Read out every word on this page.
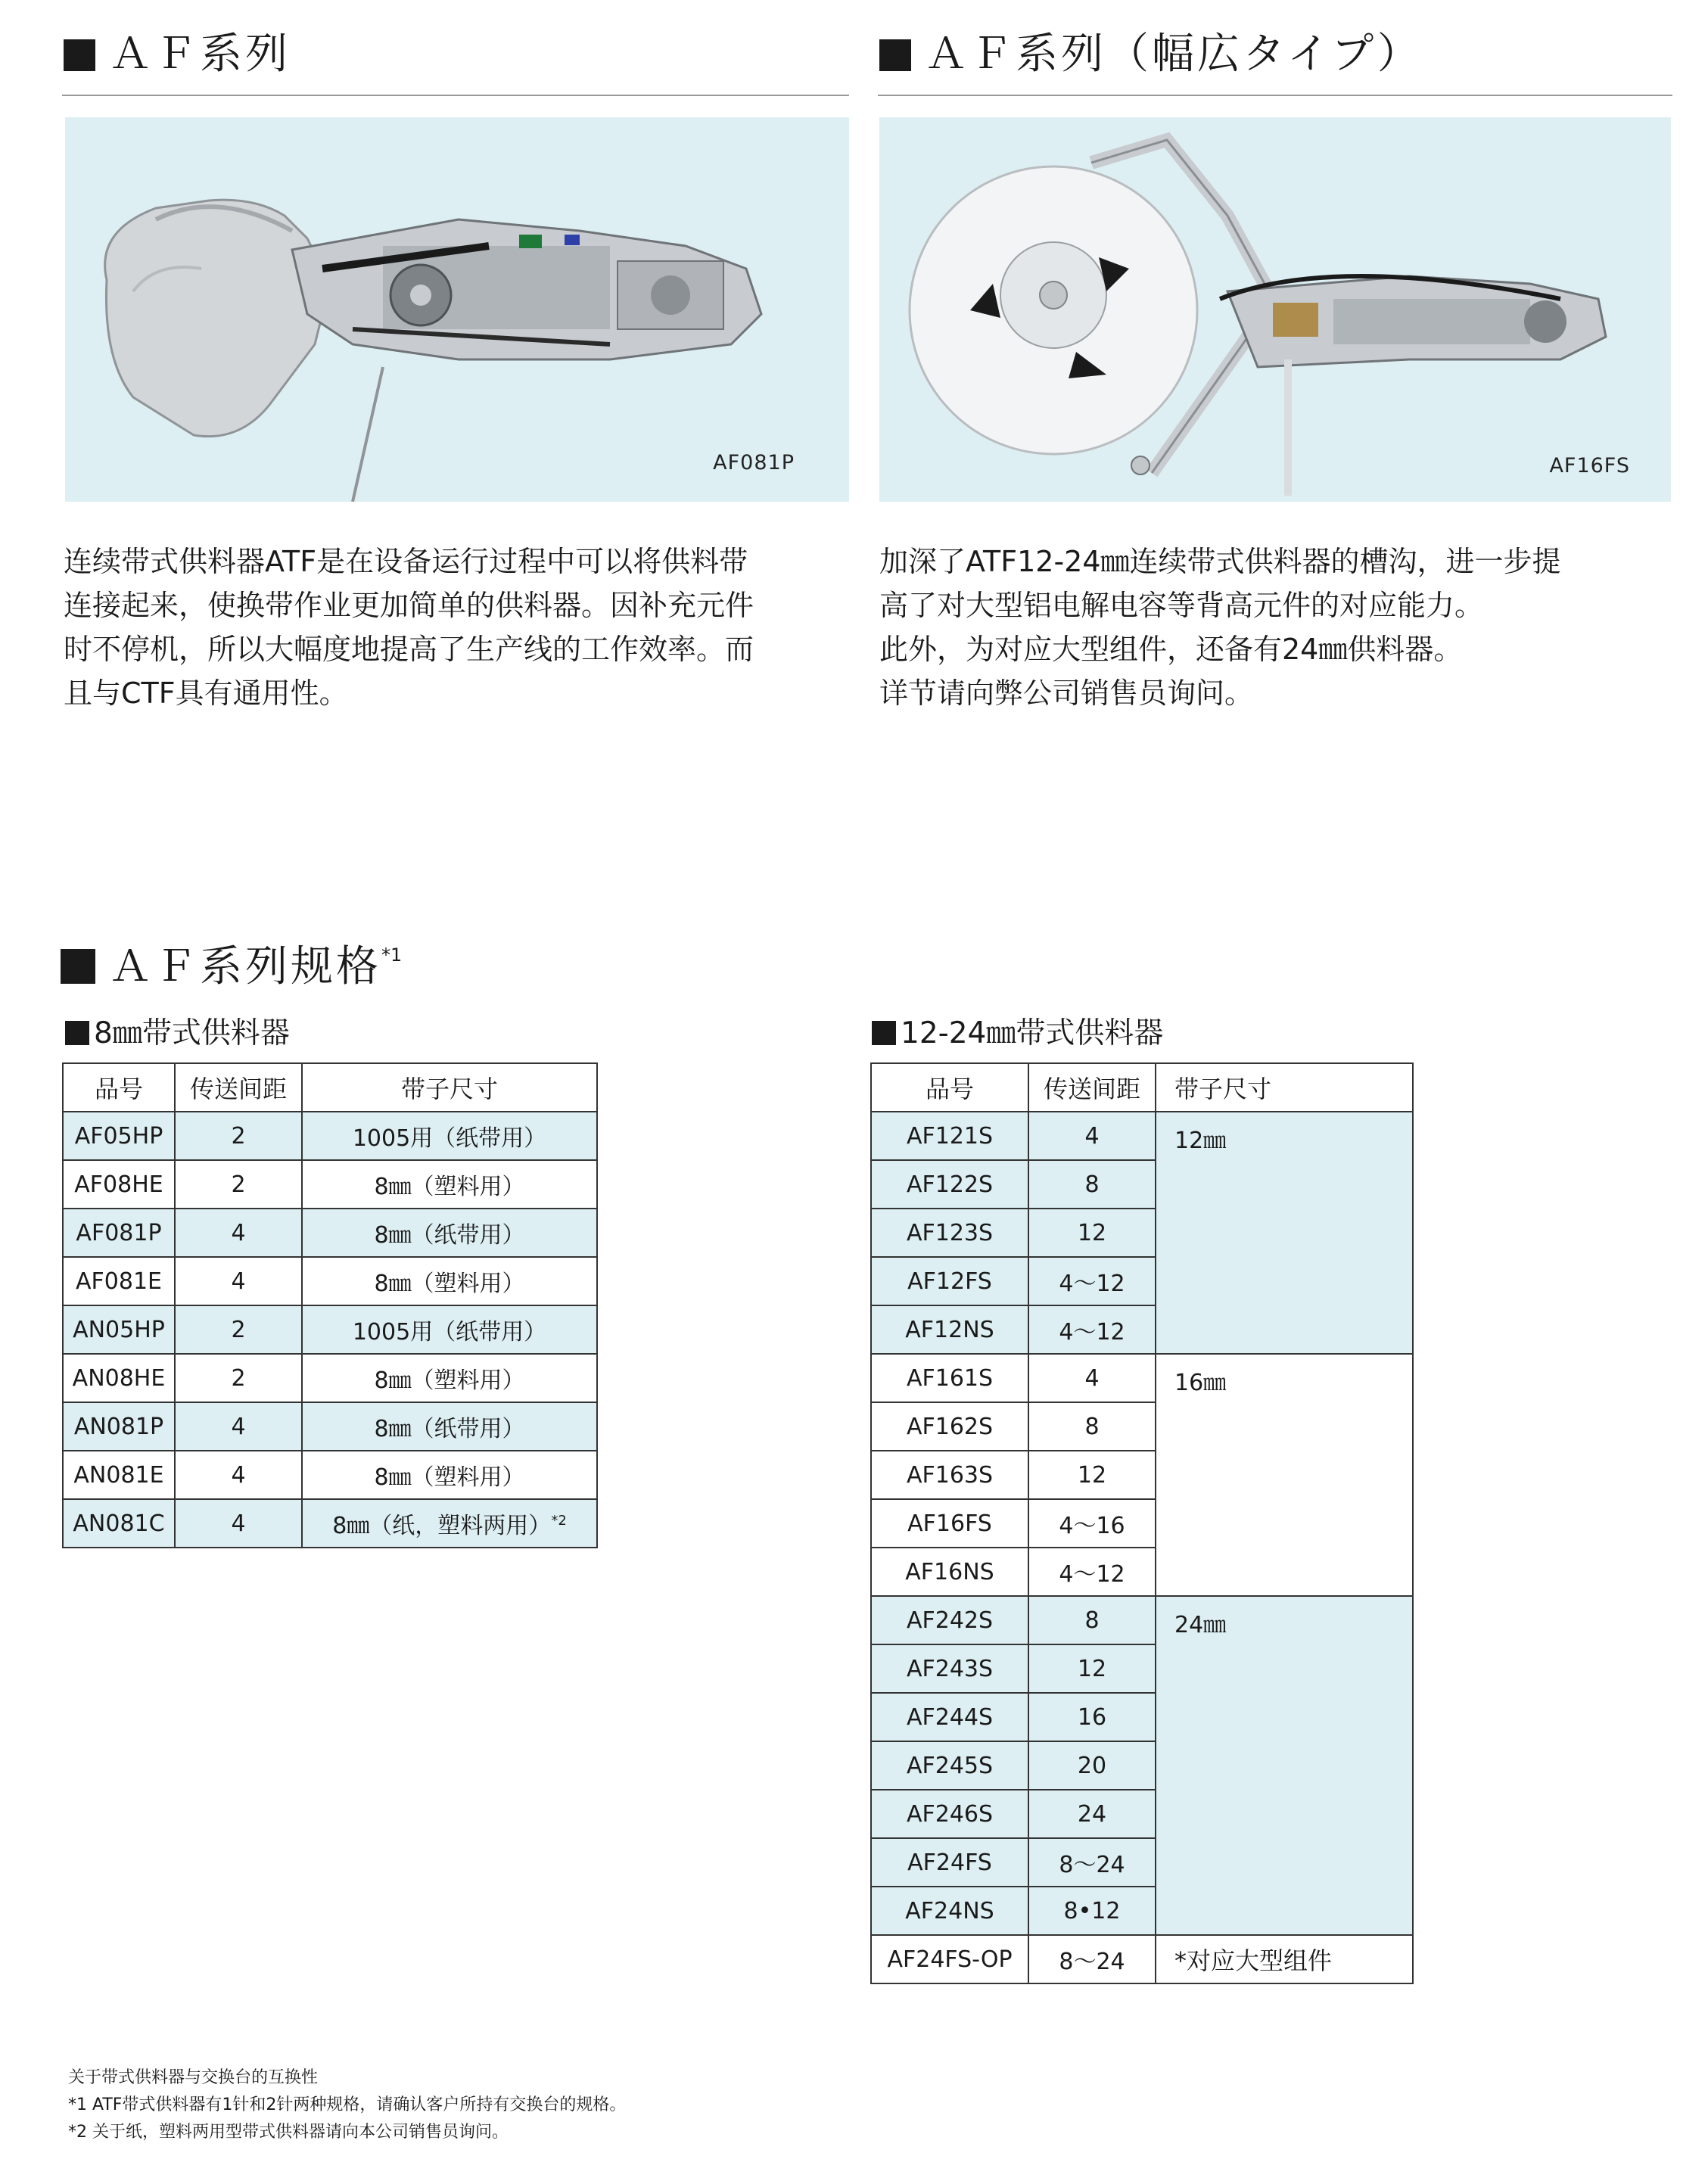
ＡＦ系列
AF081P

连续带式供料器ATF是在设备运行过程中可以将供料带

连接起来，使换带作业更加简单的供料器。因补充元件

时不停机，所以大幅度地提高了生产线的工作效率。而

且与CTF具有通用性。

ＡＦ系列（幅広タイプ）
AF16FS

加深了ATF12-24㎜连续带式供料器的槽沟，进一步提

高了对大型铝电解电容等背高元件的对应能力。

此外，为对应大型组件，还备有24㎜供料器。

详节请向弊公司销售员询问。

ＡＦ系列规格$^{*1}$
8㎜带式供料器
品号	传送间距	带子尺寸
AF05HP	2	1005用（纸带用）
AF08HE	2	8㎜（塑料用）
AF081P	4	8㎜（纸带用）
AF081E	4	8㎜（塑料用）
AN05HP	2	1005用（纸带用）
AN08HE	2	8㎜（塑料用）
AN081P	4	8㎜（纸带用）
AN081E	4	8㎜（塑料用）
AN081C	4	8㎜（纸，塑料两用）$^{*2}$
12-24㎜带式供料器
品号	传送间距	带子尺寸
AF121S	4	12㎜
AF122S	8	
AF123S	12	
AF12FS	4～12	
AF12NS	4～12	
AF161S	4	16㎜
AF162S	8	
AF163S	12	
AF16FS	4～16	
AF16NS	4～12	
AF242S	8	24㎜
AF243S	12	
AF244S	16	
AF245S	20	
AF246S	24	
AF24FS	8～24	
AF24NS	8•12	
AF24FS-OP	8～24	*对应大型组件

关于带式供料器与交换台的互换性

*1 ATF带式供料器有1针和2针两种规格，请确认客户所持有交换台的规格。

*2 关于纸，塑料两用型带式供料器请向本公司销售员询问。
